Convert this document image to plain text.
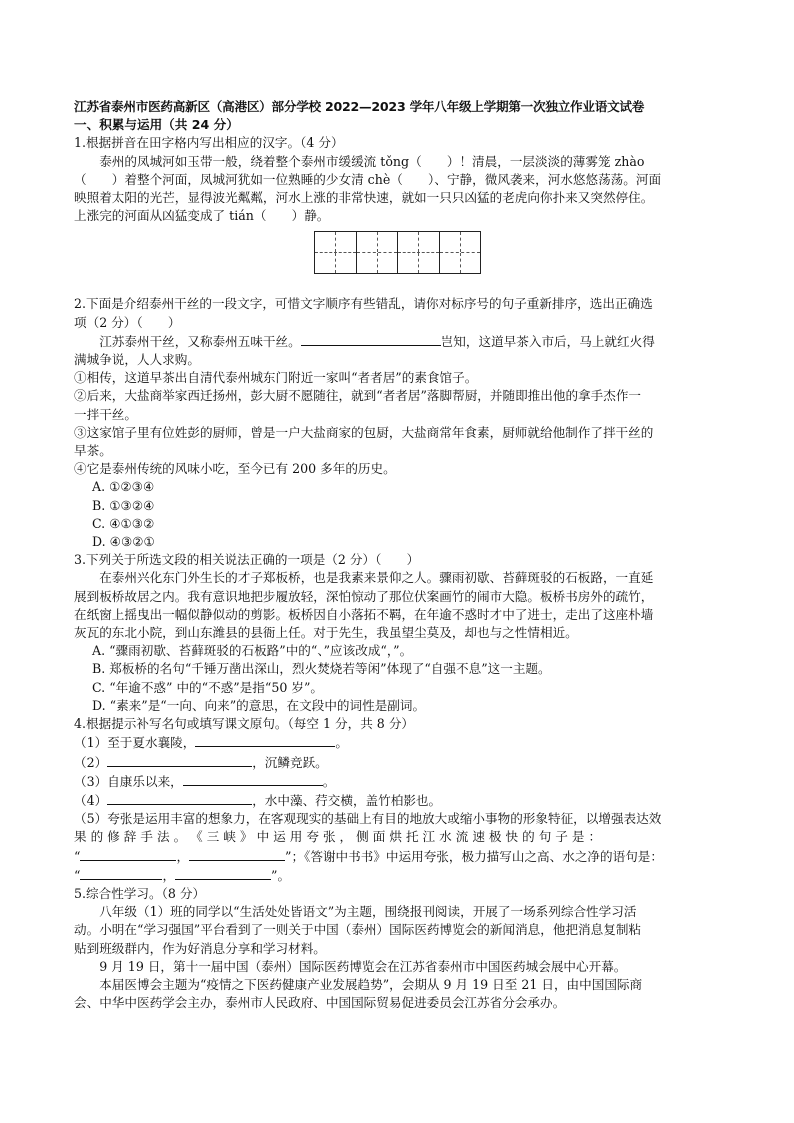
江苏省泰州市医药高新区（高港区）部分学校 2022—2023 学年八年级上学期第一次独立作业语文试卷

一、积累与运用（共 24 分）

1.根据拼音在田字格内写出相应的汉字。（4 分）

泰州的凤城河如玉带一般，绕着整个泰州市缓缓流 tǒng（　　）！清晨，一层淡淡的薄雾笼 zhào

（　　）着整个河面，凤城河犹如一位熟睡的少女清 chè（　　）、宁静，微风袭来，河水悠悠荡荡。河面

映照着太阳的光芒，显得波光粼粼，河水上涨的非常快速，就如一只只凶猛的老虎向你扑来又突然停住。

上涨完的河面从凶猛变成了 tián（　　）静。

2.下面是介绍泰州干丝的一段文字，可惜文字顺序有些错乱，请你对标序号的句子重新排序，选出正确选

项（2 分）（　　）

江苏泰州干丝，又称泰州五味干丝。	岂知，这道早茶入市后，马上就红火得

满城争说，人人求购。

①相传，这道早茶出自清代泰州城东门附近一家叫“者者居”的素食馆子。

②后来，大盐商举家西迁扬州，彭大厨不愿随往，就到“者者居”落脚帮厨，并随即推出他的拿手杰作一

一拌干丝。

③这家馆子里有位姓彭的厨师，曾是一户大盐商家的包厨，大盐商常年食素，厨师就给他制作了拌干丝的

早茶。

④它是泰州传统的风味小吃，至今已有 200 多年的历史。

A. ①②③④

B. ①③②④

C. ④①③②

D. ④③②①

3.下列关于所选文段的相关说法正确的一项是（2 分）（　　）

在泰州兴化东门外生长的才子郑板桥，也是我素来景仰之人。骤雨初歇、苔藓斑驳的石板路，一直延

展到板桥故居之内。我有意识地把步履放轻，深怕惊动了那位伏案画竹的闹市大隐。板桥书房外的疏竹，

在纸窗上摇曳出一幅似静似动的剪影。板桥因自小落拓不羁，在年逾不惑时才中了进士，走出了这座朴墙

灰瓦的东北小院，到山东潍县的县衙上任。对于先生，我虽望尘莫及，却也与之性情相近。

A. “骤雨初歇、苔藓斑驳的石板路”中的“、”应该改成“，”。

B. 郑板桥的名句“千锤万凿出深山，烈火焚烧若等闲”体现了“自强不息”这一主题。

C. “年逾不惑” 中的“不惑”是指“50 岁”。

D. “素来”是“一向、向来”的意思，在文段中的词性是副词。

4.根据提示补写名句或填写课文原句。（每空 1 分，共 8 分）

（1）至于夏水襄陵，	。

（2）	，沉鳞竞跃。

（3）自康乐以来，	。

（4）	，水中藻、荇交横，盖竹柏影也。

（5）夸张是运用丰富的想象力，在客观现实的基础上有目的地放大或缩小事物的形象特征，以增强表达效

果 的 修 辞 手 法 。 《 三 峡 》 中 运 用 夸 张 ， 侧 面 烘 托 江 水 流 速 极 快 的 句 子 是 ：

“	，	”；《答谢中书书》中运用夸张，极力描写山之高、水之净的语句是：

“	，	”。

5.综合性学习。（8 分）

八年级（1）班的同学以“生活处处皆语文”为主题，围绕报刊阅读，开展了一场系列综合性学习活

动。小明在“学习强国”平台看到了一则关于中国（泰州）国际医药博览会的新闻消息，他把消息复制粘

贴到班级群内，作为好消息分享和学习材料。

9 月 19 日，第十一届中国（泰州）国际医药博览会在江苏省泰州市中国医药城会展中心开幕。

本届医博会主题为“疫情之下医药健康产业发展趋势”，会期从 9 月 19 日至 21 日，由中国国际商

会、中华中医药学会主办，泰州市人民政府、中国国际贸易促进委员会江苏省分会承办。
